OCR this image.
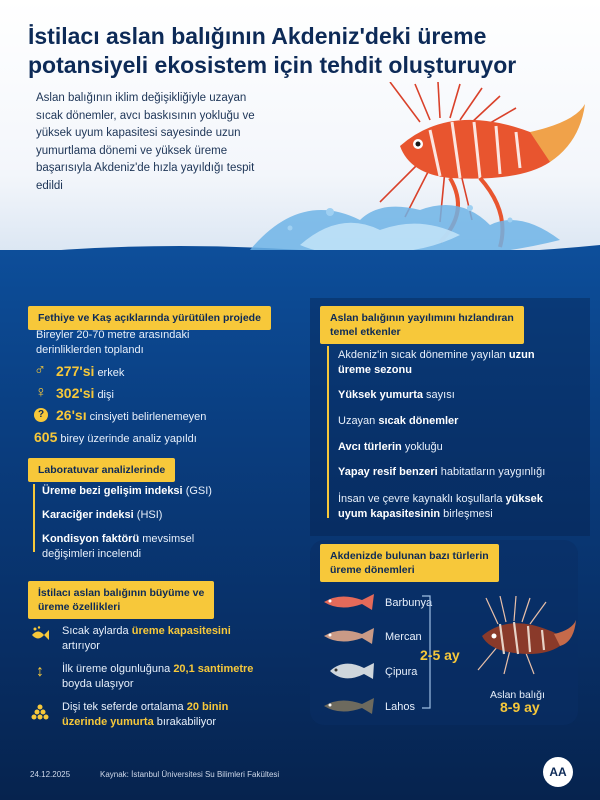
İstilacı aslan balığının Akdeniz'deki üreme potansiyeli ekosistem için tehdit oluşturuyor

Aslan balığının iklim değişikliğiyle uzayan sıcak dönemler, avcı baskısının yokluğu ve yüksek uyum kapasitesi sayesinde uzun yumurtlama dönemi ve yüksek üreme başarısıyla Akdeniz'de hızla yayıldığı tespit edildi

Fethiye ve Kaş açıklarında yürütülen projede
Bireyler 20-70 metre arasındaki derinliklerden toplandı
♂ 277'si erkek
♀ 302'si dişi
? 26'sı cinsiyeti belirlenemeyen
605 birey üzerinde analiz yapıldı
Laboratuvar analizlerinde
Üreme bezi gelişim indeksi (GSI)
Karaciğer indeksi (HSI)
Kondisyon faktörü mevsimsel
değişimleri incelendi
İstilacı aslan balığının büyüme ve
üreme özellikleri
Sıcak aylarda üreme kapasitesini
artırıyor
↕ İlk üreme olgunluğuna 20,1 santimetre
boyda ulaşıyor
Dişi tek seferde ortalama 20 binin
üzerinde yumurta bırakabiliyor
Aslan balığının yayılımını hızlandıran
temel etkenler
Akdeniz'in sıcak dönemine yayılan uzun
üreme sezonu
Yüksek yumurta sayısı
Uzayan sıcak dönemler
Avcı türlerin yokluğu
Yapay resif benzeri habitatların yaygınlığı
İnsan ve çevre kaynaklı koşullarla yüksek
uyum kapasitesinin birleşmesi
Akdenizde bulunan bazı türlerin
üreme dönemleri
Barbunya
Mercan
Çipura
Lahos
2-5 ay
Aslan balığı
8-9 ay
24.12.2025	Kaynak: İstanbul Üniversitesi Su Bilimleri Fakültesi	AA
